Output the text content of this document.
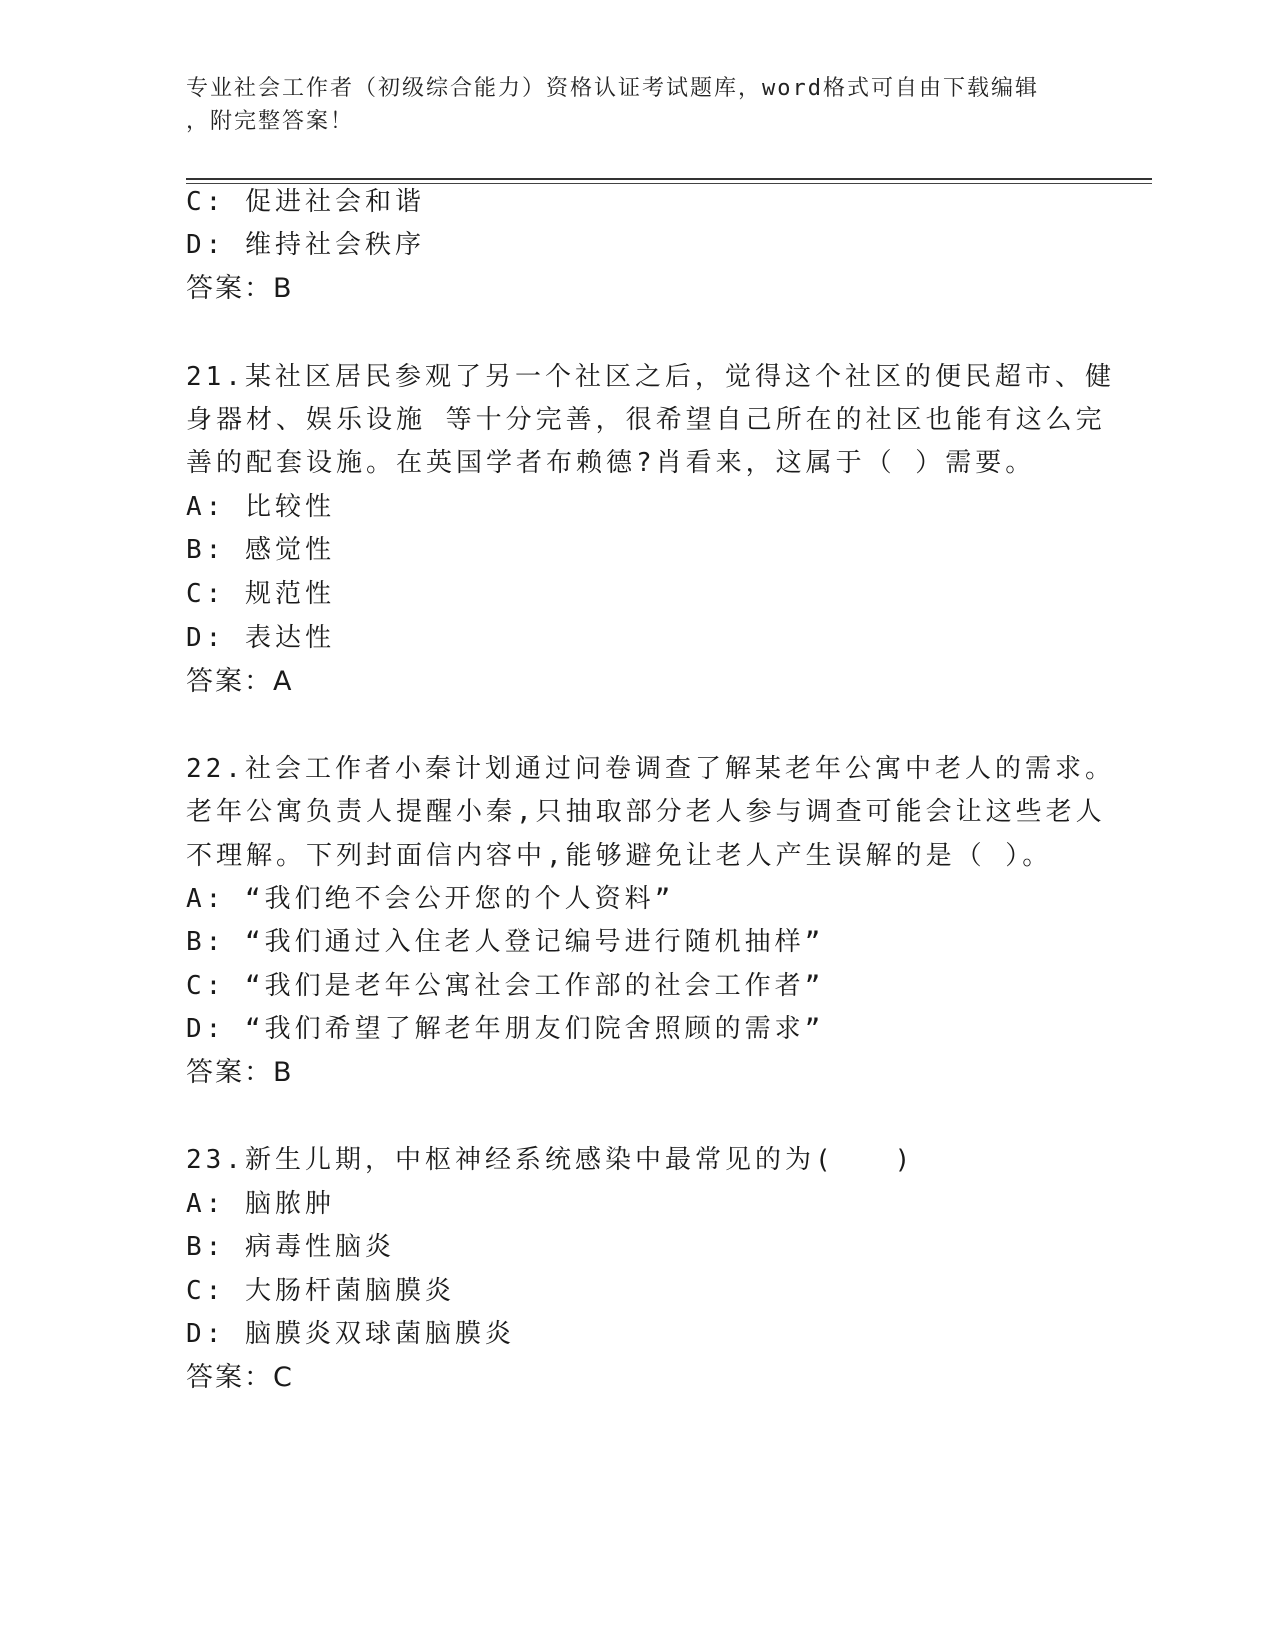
专业社会工作者（初级综合能力）资格认证考试题库，word格式可自由下载编辑
，附完整答案！
C: 促进社会和谐
D: 维持社会秩序
答案：B
21.某社区居民参观了另一个社区之后，觉得这个社区的便民超市、健
身器材、娱乐设施 等十分完善，很希望自己所在的社区也能有这么完
善的配套设施。在英国学者布赖德?肖看来，这属于（ ）需要。
A: 比较性
B: 感觉性
C: 规范性
D: 表达性
答案：A
22.社会工作者小秦计划通过问卷调查了解某老年公寓中老人的需求。
老年公寓负责人提醒小秦,只抽取部分老人参与调查可能会让这些老人
不理解。下列封面信内容中,能够避免让老人产生误解的是（ ）。
A: “我们绝不会公开您的个人资料”
B: “我们通过入住老人登记编号进行随机抽样”
C: “我们是老年公寓社会工作部的社会工作者”
D: “我们希望了解老年朋友们院舍照顾的需求”
答案：B
23.新生儿期，中枢神经系统感染中最常见的为(　　)
A: 脑脓肿
B: 病毒性脑炎
C: 大肠杆菌脑膜炎
D: 脑膜炎双球菌脑膜炎
答案：C
